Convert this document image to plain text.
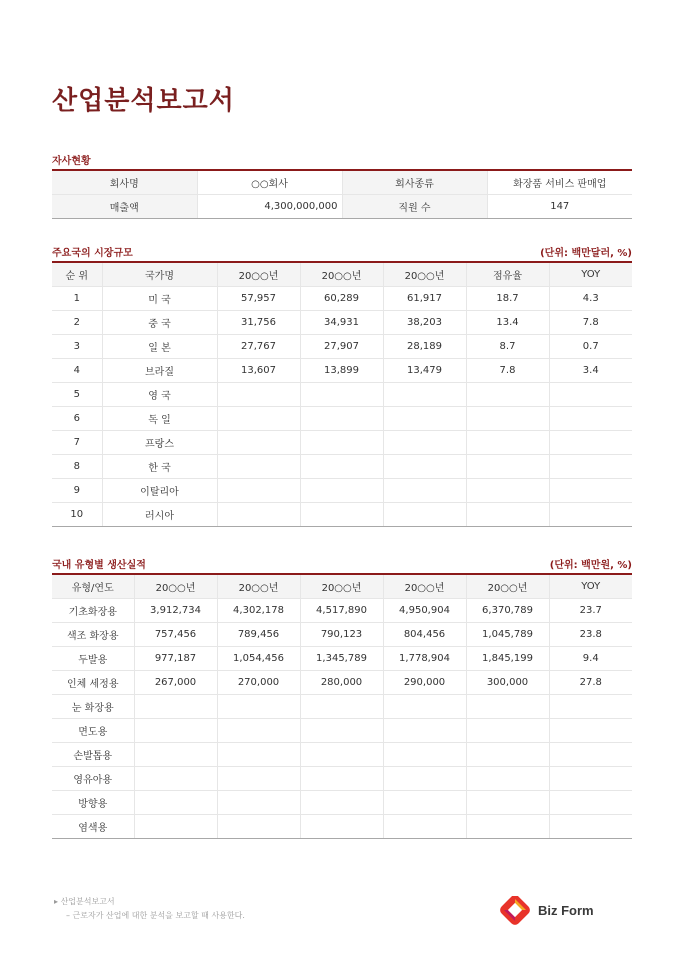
산업분석보고서
자사현황
회사명	○○회사	회사종류	화장품 서비스 판매업
매출액	4,300,000,000	직원 수	147
주요국의 시장규모	(단위: 백만달러, %)
순 위	국가명	20○○년	20○○년	20○○년	점유율	YOY
1	미 국	57,957	60,289	61,917	18.7	4.3
2	중 국	31,756	34,931	38,203	13.4	7.8
3	일 본	27,767	27,907	28,189	8.7	0.7
4	브라질	13,607	13,899	13,479	7.8	3.4
5	영 국					
6	독 일					
7	프랑스					
8	한 국					
9	이탈리아					
10	러시아					
국내 유형별 생산실적	(단위: 백만원, %)
유형/연도	20○○년	20○○년	20○○년	20○○년	20○○년	YOY
기초화장용	3,912,734	4,302,178	4,517,890	4,950,904	6,370,789	23.7
색조 화장용	757,456	789,456	790,123	804,456	1,045,789	23.8
두발용	977,187	1,054,456	1,345,789	1,778,904	1,845,199	9.4
인체 세정용	267,000	270,000	280,000	290,000	300,000	27.8
눈 화장용						
면도용						
손발톱용						
영유아용						
방향용						
염색용						
▸ 산업분석보고서
– 근로자가 산업에 대한 분석을 보고할 때 사용한다.	Biz Form
